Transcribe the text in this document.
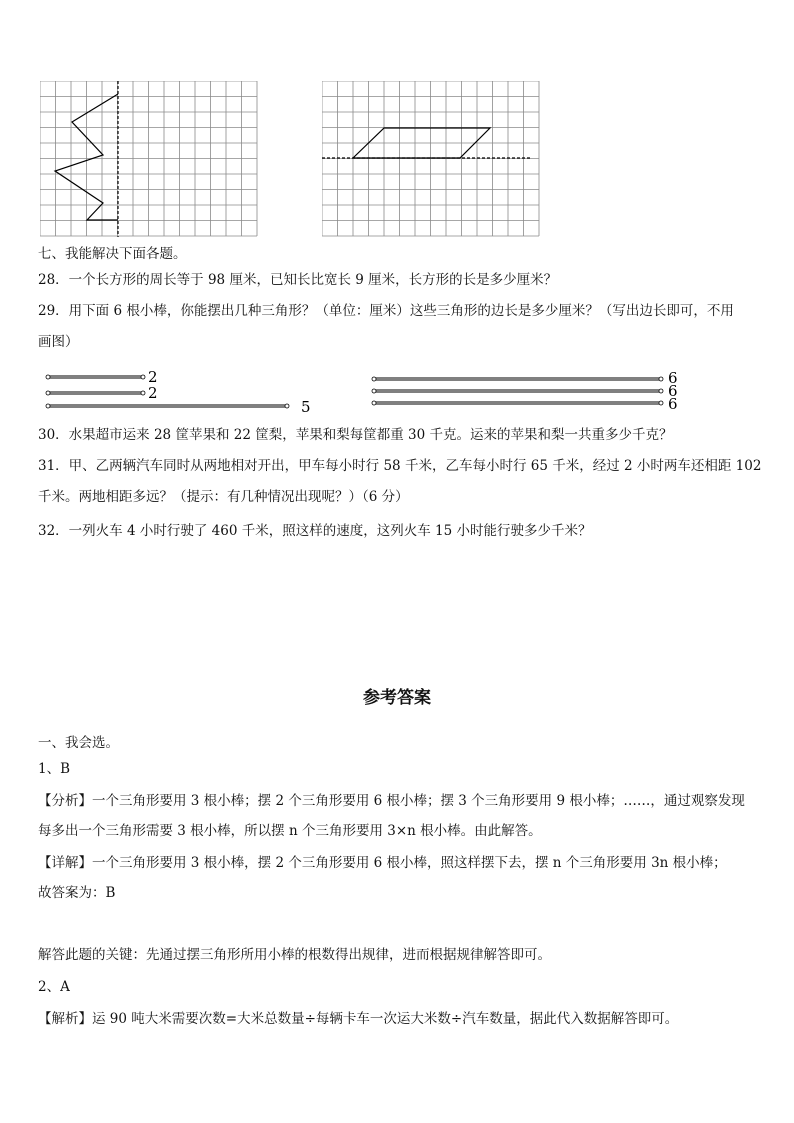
七、我能解决下面各题。
28．一个长方形的周长等于 98 厘米，已知长比宽长 9 厘米，长方形的长是多少厘米？
29．用下面 6 根小棒，你能摆出几种三角形？（单位：厘米）这些三角形的边长是多少厘米？（写出边长即可，不用
画图）
2
2
5
6
6
6
30．水果超市运来 28 筐苹果和 22 筐梨，苹果和梨每筐都重 30 千克。运来的苹果和梨一共重多少千克？
31．甲、乙两辆汽车同时从两地相对开出，甲车每小时行 58 千米，乙车每小时行 65 千米，经过 2 小时两车还相距 102
千米。两地相距多远？（提示：有几种情况出现呢？）（6 分）
32．一列火车 4 小时行驶了 460 千米，照这样的速度，这列火车 15 小时能行驶多少千米？
参考答案
一、我会选。
1、B
【分析】一个三角形要用 3 根小棒；摆 2 个三角形要用 6 根小棒；摆 3 个三角形要用 9 根小棒；……，通过观察发现
每多出一个三角形需要 3 根小棒，所以摆 n 个三角形要用 3×n 根小棒。由此解答。
【详解】一个三角形要用 3 根小棒，摆 2 个三角形要用 6 根小棒，照这样摆下去，摆 n 个三角形要用 3n 根小棒；
故答案为：B
解答此题的关键：先通过摆三角形所用小棒的根数得出规律，进而根据规律解答即可。
2、A
【解析】运 90 吨大米需要次数=大米总数量÷每辆卡车一次运大米数÷汽车数量，据此代入数据解答即可。
